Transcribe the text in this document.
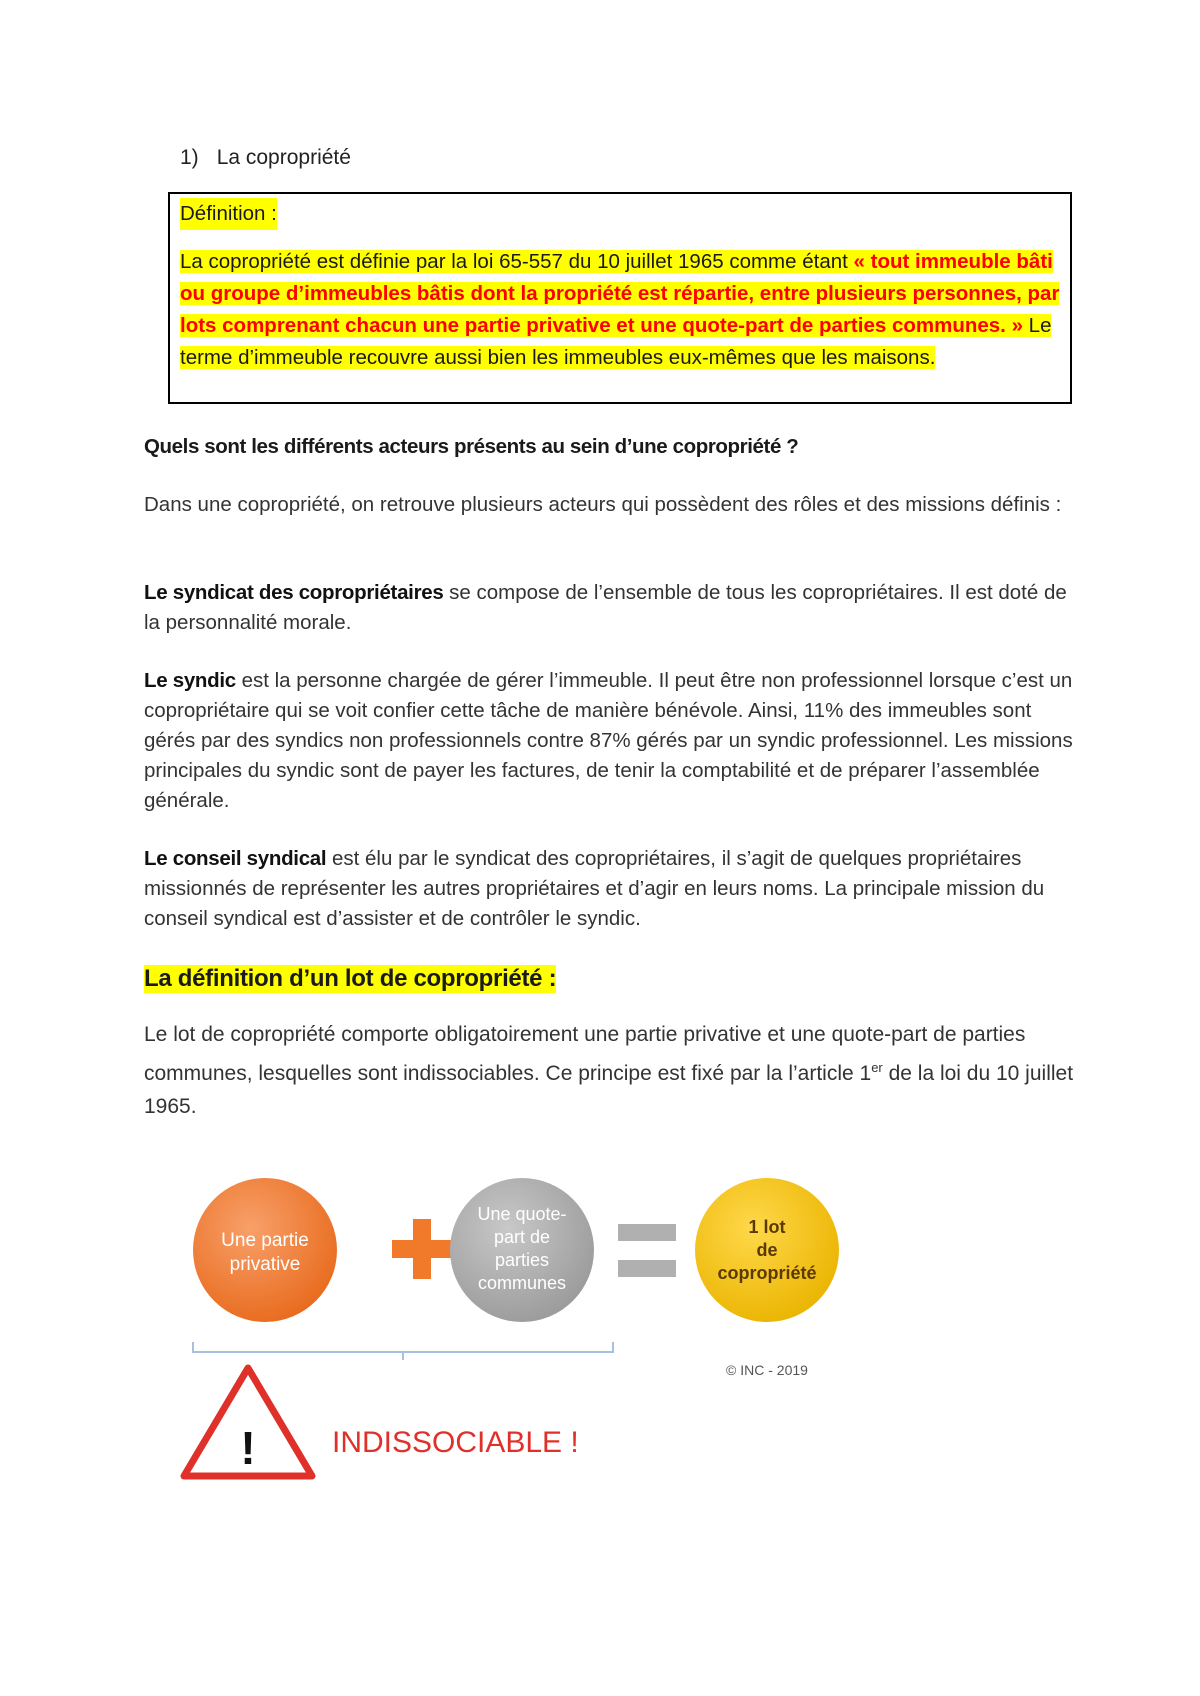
1) La copropriété
Définition :
La copropriété est définie par la loi 65-557 du 10 juillet 1965 comme étant « tout immeuble bâti ou groupe d’immeubles bâtis dont la propriété est répartie, entre plusieurs personnes, par lots comprenant chacun une partie privative et une quote-part de parties communes. » Le terme d’immeuble recouvre aussi bien les immeubles eux-mêmes que les maisons.
Quels sont les différents acteurs présents au sein d’une copropriété ?
Dans une copropriété, on retrouve plusieurs acteurs qui possèdent des rôles et des missions définis :
Le syndicat des copropriétaires se compose de l’ensemble de tous les copropriétaires. Il est doté de la personnalité morale.
Le syndic est la personne chargée de gérer l’immeuble. Il peut être non professionnel lorsque c’est un copropriétaire qui se voit confier cette tâche de manière bénévole. Ainsi, 11% des immeubles sont gérés par des syndics non professionnels contre 87% gérés par un syndic professionnel. Les missions principales du syndic sont de payer les factures, de tenir la comptabilité et de préparer l’assemblée générale.
Le conseil syndical est élu par le syndicat des copropriétaires, il s’agit de quelques propriétaires missionnés de représenter les autres propriétaires et d’agir en leurs noms. La principale mission du conseil syndical est d’assister et de contrôler le syndic.
La définition d’un lot de copropriété :
Le lot de copropriété comporte obligatoirement une partie privative et une quote-part de parties communes, lesquelles sont indissociables. Ce principe est fixé par la l’article 1er de la loi du 10 juillet 1965.
Une partie
privative
Une quote-
part de
parties
communes
1 lot
de
copropriété
© INC - 2019
!	INDISSOCIABLE !
